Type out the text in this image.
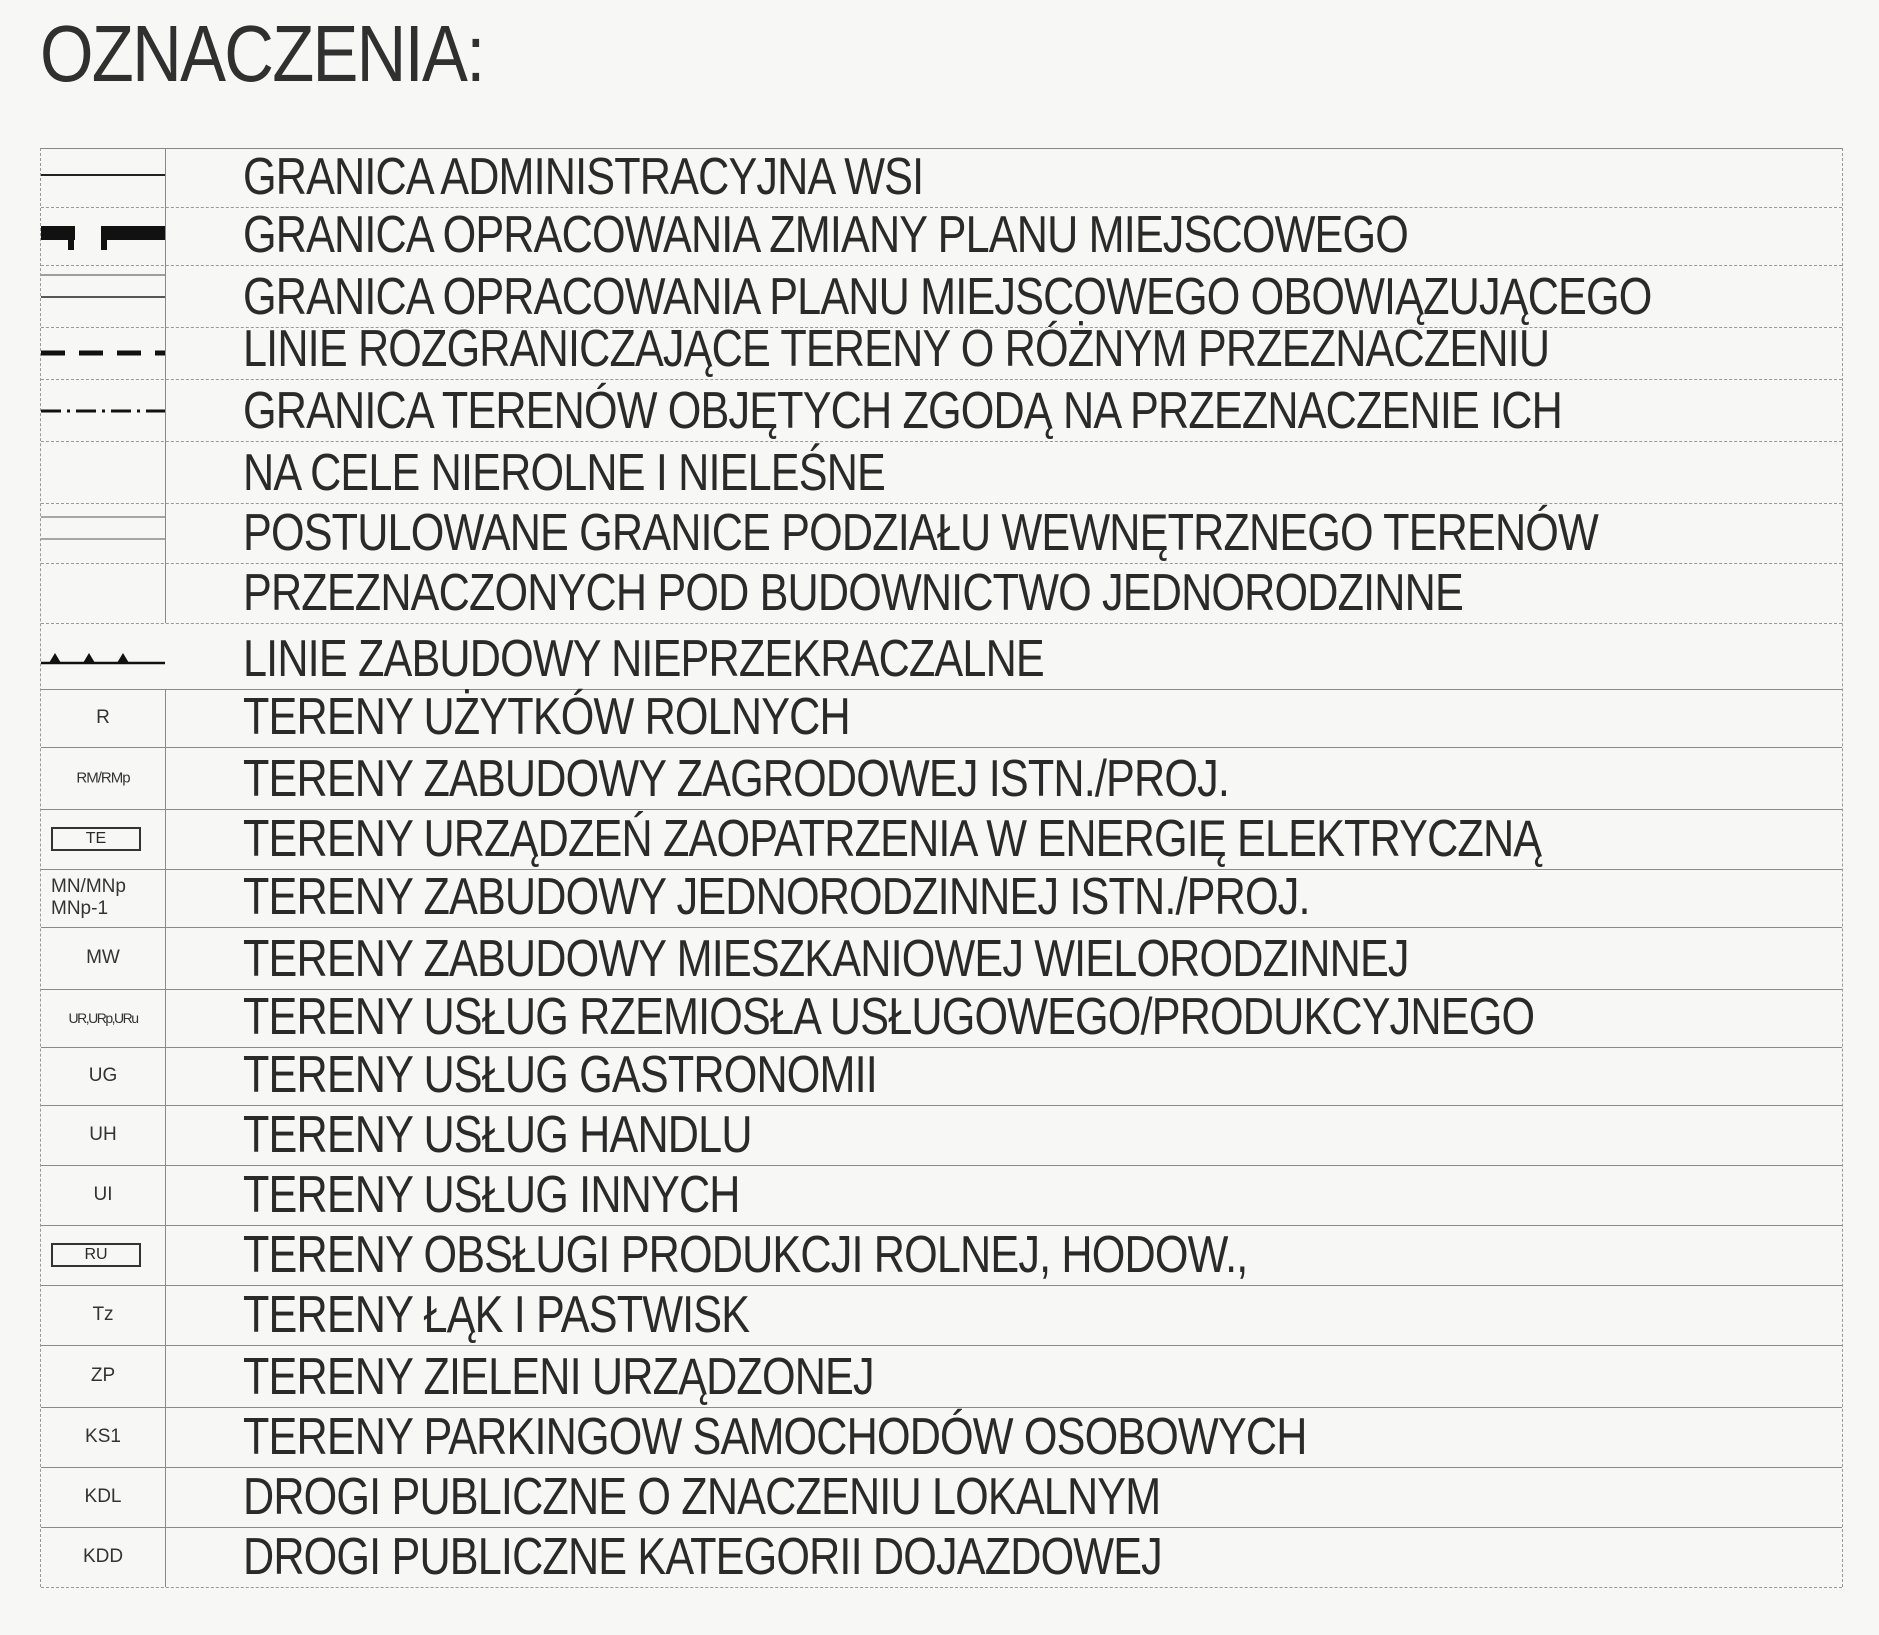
OZNACZENIA:
GRANICA ADMINISTRACYJNA WSI
GRANICA OPRACOWANIA ZMIANY PLANU MIEJSCOWEGO
GRANICA OPRACOWANIA PLANU MIEJSCOWEGO OBOWIĄZUJĄCEGO
LINIE ROZGRANICZAJĄCE TERENY O RÓŻNYM PRZEZNACZENIU
GRANICA TERENÓW OBJĘTYCH ZGODĄ NA PRZEZNACZENIE ICH
NA CELE NIEROLNE I NIELEŚNE
POSTULOWANE GRANICE PODZIAŁU WEWNĘTRZNEGO TERENÓW
PRZEZNACZONYCH POD BUDOWNICTWO JEDNORODZINNE
LINIE ZABUDOWY NIEPRZEKRACZALNE
R	TERENY UŻYTKÓW ROLNYCH
RM/RMp	TERENY ZABUDOWY ZAGRODOWEJ ISTN./PROJ.
TE	TERENY URZĄDZEŃ ZAOPATRZENIA W ENERGIĘ ELEKTRYCZNĄ
MN/MNp
MNp-1	TERENY ZABUDOWY JEDNORODZINNEJ ISTN./PROJ.
MW	TERENY ZABUDOWY MIESZKANIOWEJ WIELORODZINNEJ
UR,URp,URu	TERENY USŁUG RZEMIOSŁA USŁUGOWEGO/PRODUKCYJNEGO
UG	TERENY USŁUG GASTRONOMII
UH	TERENY USŁUG HANDLU
UI	TERENY USŁUG INNYCH
RU	TERENY OBSŁUGI PRODUKCJI ROLNEJ, HODOW.,
Tz	TERENY ŁĄK I PASTWISK
ZP	TERENY ZIELENI URZĄDZONEJ
KS1	TERENY PARKINGOW SAMOCHODÓW OSOBOWYCH
KDL	DROGI PUBLICZNE O ZNACZENIU LOKALNYM
KDD	DROGI PUBLICZNE KATEGORII DOJAZDOWEJ
